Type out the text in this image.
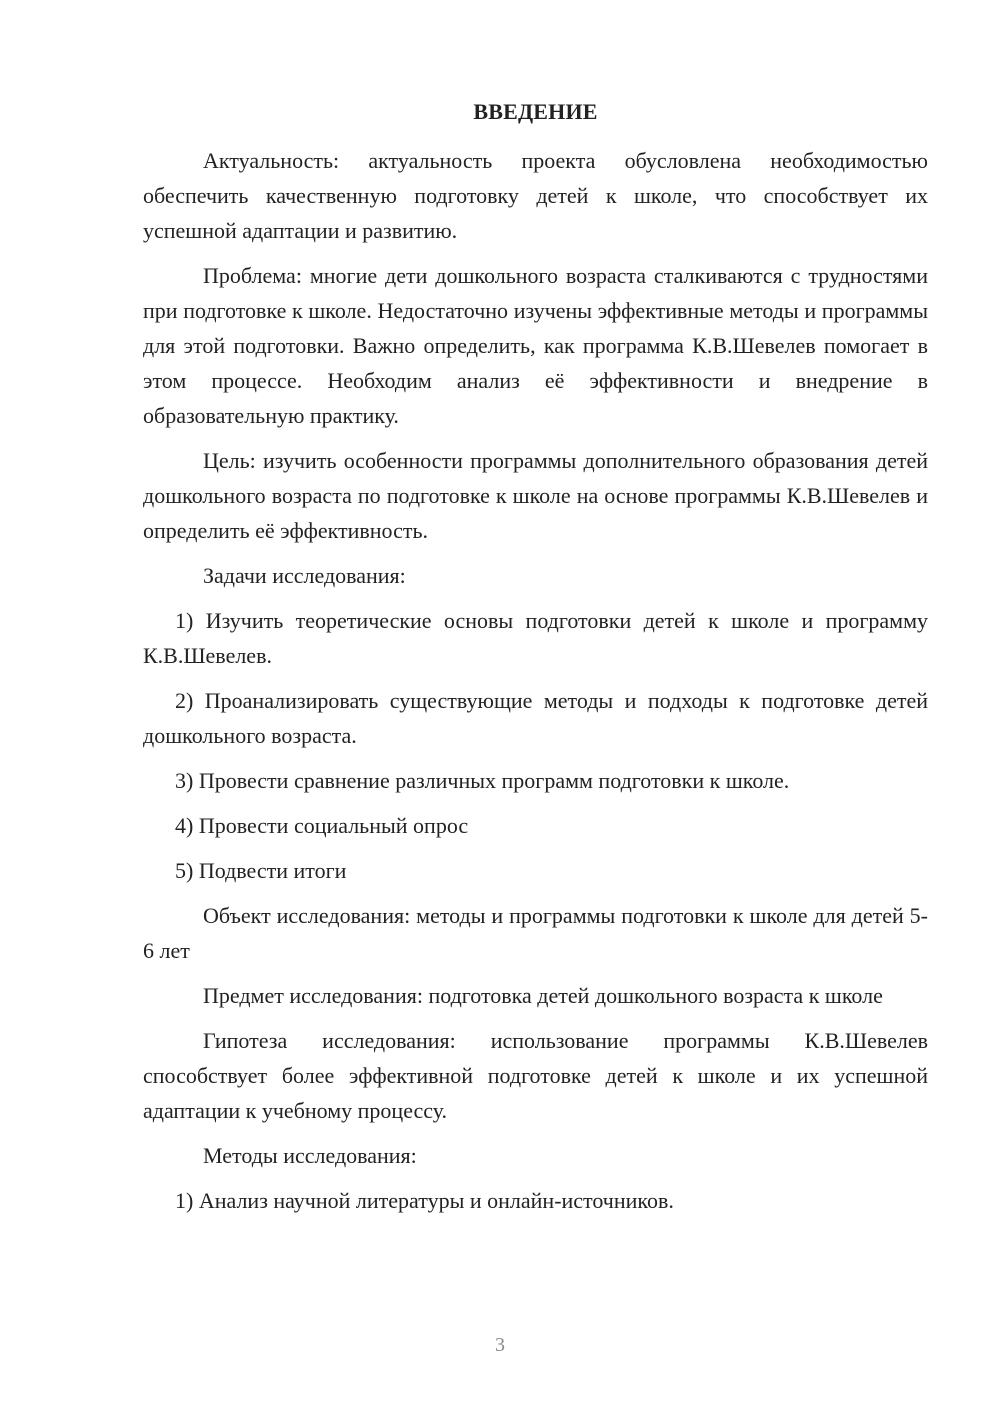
ВВЕДЕНИЕ

Актуальность: актуальность проекта обусловлена необходимостью обеспечить качественную подготовку детей к школе, что способствует их успешной адаптации и развитию.

Проблема: многие дети дошкольного возраста сталкиваются с трудностями при подготовке к школе. Недостаточно изучены эффективные методы и программы для этой подготовки. Важно определить, как программа К.В.Шевелев помогает в этом процессе. Необходим анализ её эффективности и внедрение в образовательную практику.

Цель: изучить особенности программы дополнительного образования детей дошкольного возраста по подготовке к школе на основе программы К.В.Шевелев и определить её эффективность.

Задачи исследования:

1) Изучить теоретические основы подготовки детей к школе и программу К.В.Шевелев.

2) Проанализировать существующие методы и подходы к подготовке детей дошкольного возраста.

3) Провести сравнение различных программ подготовки к школе.

4) Провести социальный опрос

5) Подвести итоги

Объект исследования: методы и программы подготовки к школе для детей 5-6 лет

Предмет исследования: подготовка детей дошкольного возраста к школе

Гипотеза исследования: использование программы К.В.Шевелев способствует более эффективной подготовке детей к школе и их успешной адаптации к учебному процессу.

Методы исследования:

1) Анализ научной литературы и онлайн-источников.

3
